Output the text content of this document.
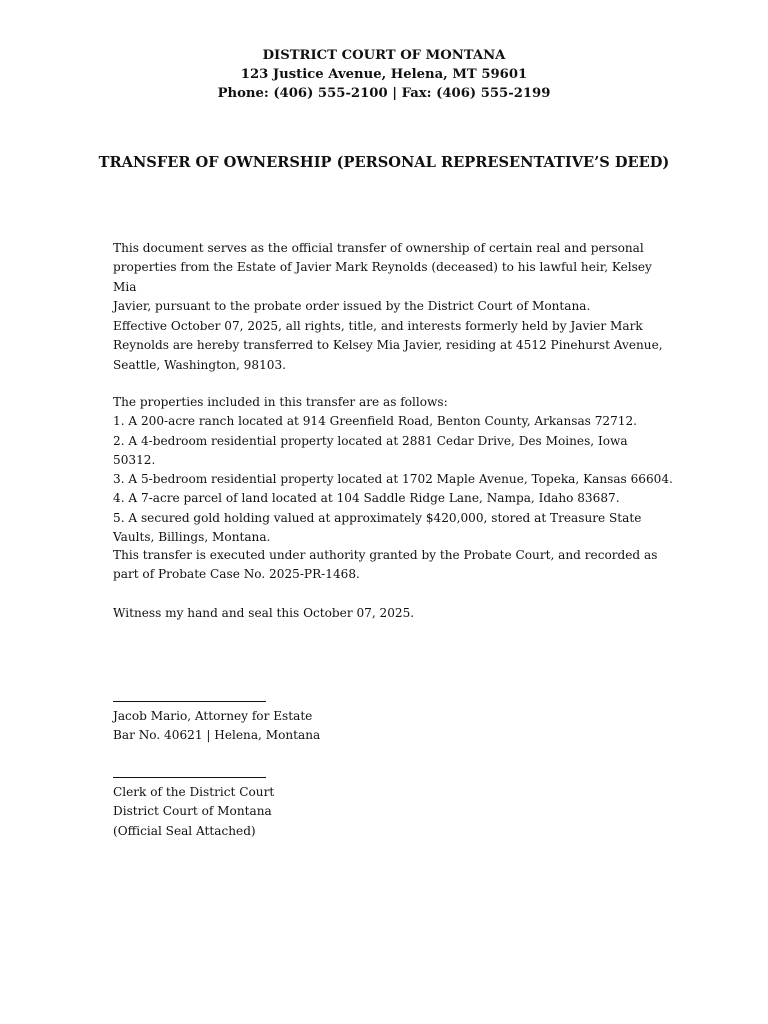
DISTRICT COURT OF MONTANA
123 Justice Avenue, Helena, MT 59601
Phone: (406) 555-2100 | Fax: (406) 555-2199
TRANSFER OF OWNERSHIP (PERSONAL REPRESENTATIVE’S DEED)
This document serves as the official transfer of ownership of certain real and personal
properties from the Estate of Javier Mark Reynolds (deceased) to his lawful heir, Kelsey Mia
Javier, pursuant to the probate order issued by the District Court of Montana.
Effective October 07, 2025, all rights, title, and interests formerly held by Javier Mark
Reynolds are hereby transferred to Kelsey Mia Javier, residing at 4512 Pinehurst Avenue,
Seattle, Washington, 98103.
The properties included in this transfer are as follows:
1. A 200-acre ranch located at 914 Greenfield Road, Benton County, Arkansas 72712.
2. A 4-bedroom residential property located at 2881 Cedar Drive, Des Moines, Iowa 50312.
3. A 5-bedroom residential property located at 1702 Maple Avenue, Topeka, Kansas 66604.
4. A 7-acre parcel of land located at 104 Saddle Ridge Lane, Nampa, Idaho 83687.
5. A secured gold holding valued at approximately $420,000, stored at Treasure State
Vaults, Billings, Montana.
This transfer is executed under authority granted by the Probate Court, and recorded as
part of Probate Case No. 2025-PR-1468.
Witness my hand and seal this October 07, 2025.
Jacob Mario, Attorney for Estate
Bar No. 40621 | Helena, Montana
Clerk of the District Court
District Court of Montana
(Official Seal Attached)
